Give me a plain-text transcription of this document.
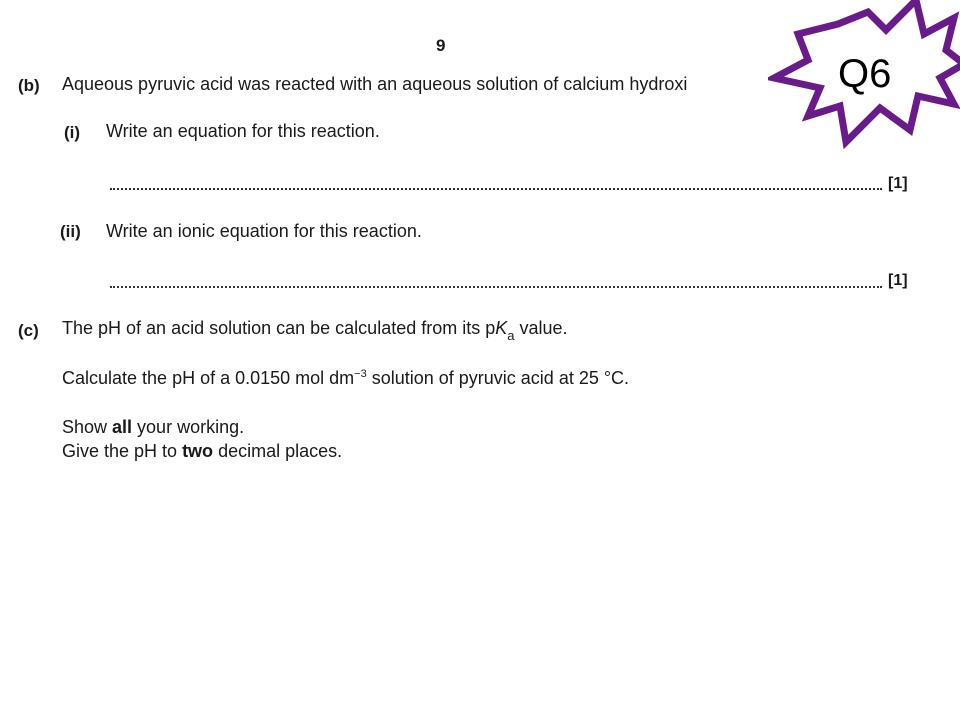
9
(b) Aqueous pyruvic acid was reacted with an aqueous solution of calcium hydroxi
(i) Write an equation for this reaction.
[1]
(ii) Write an ionic equation for this reaction.
[1]
(c) The pH of an acid solution can be calculated from its $pK_a$ value.
Calculate the pH of a 0.0150 mol $dm^{-3}$ solution of pyruvic acid at 25 °C.
Show all your working.
Give the pH to two decimal places.
Q6
